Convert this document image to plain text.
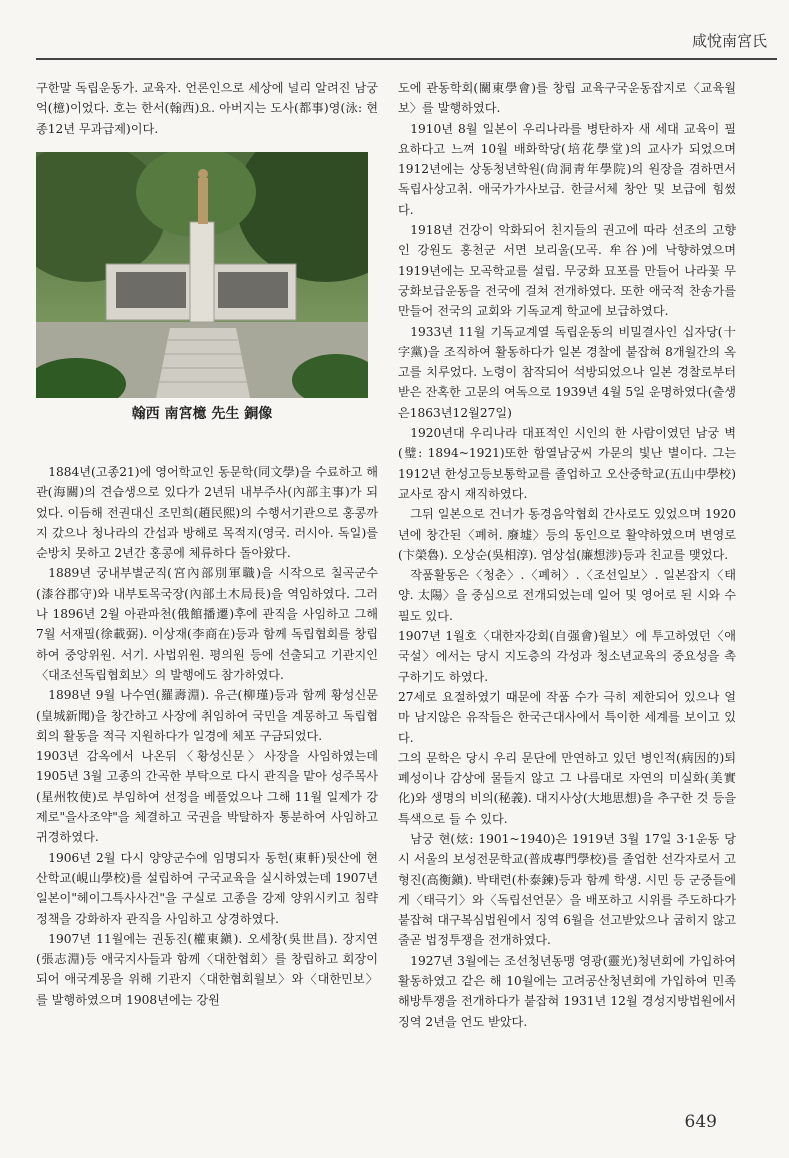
咸悅南宮氏

구한말 독립운동가. 교육자. 언론인으로 세상에 널리 알려진 남궁 억(檍)이었다. 호는 한서(翰西)요. 아버지는 도사(都事)영(泳: 현종12년 무과급제)이다.

翰西 南宮檍 先生 銅像

1884년(고종21)에 영어학교인 동문학(同文學)을 수료하고 해관(海關)의 견습생으로 있다가 2년뒤 내부주사(內部主事)가 되었다. 이듬해 전권대신 조민희(趙民熙)의 수행서기관으로 홍콩까지 갔으나 청나라의 간섭과 방해로 목적지(영국. 러시아. 독일)를 순방치 못하고 2년간 홍콩에 체류하다 돌아왔다.

1889년 궁내부별군직(宮內部別軍職)을 시작으로 칠곡군수(漆谷郡守)와 내부토목국장(內部土木局長)을 역임하였다. 그러나 1896년 2월 아관파천(俄館播遷)후에 관직을 사임하고 그해 7월 서재필(徐載弼). 이상재(李商在)등과 함께 독립협회를 창립하여 중앙위원. 서기. 사법위원. 평의원 등에 선출되고 기관지인〈대조선독립협회보〉의 발행에도 참가하였다.

1898년 9월 나수연(羅壽淵). 유근(柳瑾)등과 함께 황성신문(皇城新聞)을 창간하고 사장에 취임하여 국민을 계몽하고 독립협회의 활동을 적극 지원하다가 일경에 체포 구금되었다.

1903년 감옥에서 나온뒤〈황성신문〉사장을 사임하였는데 1905년 3월 고종의 간곡한 부탁으로 다시 관직을 맡아 성주목사(星州牧使)로 부임하여 선정을 베풀었으나 그해 11월 일제가 강제로"을사조약"을 체결하고 국권을 박탈하자 통분하여 사임하고 귀경하였다.

1906년 2월 다시 양양군수에 임명되자 동헌(東軒)뒷산에 현산학교(峴山學校)를 설립하여 구국교육을 실시하였는데 1907년 일본이"헤이그특사사건"을 구실로 고종을 강제 양위시키고 침략정책을 강화하자 관직을 사임하고 상경하였다.

1907년 11월에는 권동진(權東鎭). 오세창(吳世昌). 장지연(張志淵)등 애국지사들과 함께〈대한협회〉를 창립하고 회장이 되어 애국계몽을 위해 기관지〈대한협회월보〉와〈대한민보〉를 발행하였으며 1908년에는 강원

도에 관동학회(關東學會)를 창립 교육구국운동잡지로〈교육월보〉를 발행하였다.

1910년 8월 일본이 우리나라를 병탄하자 새 세대 교육이 필요하다고 느껴 10월 배화학당(培花學堂)의 교사가 되었으며 1912년에는 상동청년학원(尙洞靑年學院)의 원장을 겸하면서 독립사상고취. 애국가가사보급. 한글서체 창안 및 보급에 힘썼다.

1918년 건강이 악화되어 친지들의 권고에 따라 선조의 고향인 강원도 홍천군 서면 보리울(모곡. 牟谷)에 낙향하였으며 1919년에는 모곡학교를 설립. 무궁화 묘포를 만들어 나라꽃 무궁화보급운동을 전국에 걸쳐 전개하였다. 또한 애국적 찬송가를 만들어 전국의 교회와 기독교계 학교에 보급하였다.

1933년 11월 기독교계열 독립운동의 비밀결사인 십자당(十字黨)을 조직하여 활동하다가 일본 경찰에 붙잡혀 8개월간의 옥고를 치루었다. 노령이 참작되어 석방되었으나 일본 경찰로부터 받은 잔혹한 고문의 여독으로 1939년 4월 5일 운명하였다(출생은1863년12월27일)

1920년대 우리나라 대표적인 시인의 한 사람이였던 남궁 벽(璧: 1894~1921)또한 함열남궁씨 가문의 빛난 별이다. 그는 1912년 한성고등보통학교를 졸업하고 오산중학교(五山中學校)교사로 잠시 재직하였다.

그뒤 일본으로 건너가 동경음악협회 간사로도 있었으며 1920년에 창간된〈폐허. 廢墟〉등의 동인으로 활약하였으며 변영로(卞榮魯). 오상순(吳相淳). 염상섭(廉想涉)등과 친교를 맺었다.

작품활동은〈청춘〉.〈폐허〉.〈조선일보〉. 일본잡지〈태양. 太陽〉을 중심으로 전개되었는데 일어 및 영어로 된 시와 수필도 있다.

1907년 1월호〈대한자강회(自强會)월보〉에 투고하였던〈애국설〉에서는 당시 지도층의 각성과 청소년교육의 중요성을 촉구하기도 하였다.

27세로 요절하였기 때문에 작품 수가 극히 제한되어 있으나 얼마 남지않은 유작들은 한국근대사에서 특이한 세계를 보이고 있다.

그의 문학은 당시 우리 문단에 만연하고 있던 병인적(病因的)퇴폐성이나 감상에 물들지 않고 그 나름대로 자연의 미실화(美實化)와 생명의 비의(秘義). 대지사상(大地思想)을 추구한 것 등을 특색으로 들 수 있다.

남궁 현(炫: 1901~1940)은 1919년 3월 17일 3·1운동 당시 서울의 보성전문학교(普成專門學校)를 졸업한 선각자로서 고형진(高衡鎭). 박태련(朴泰鍊)등과 함께 학생. 시민 등 군중들에게〈태극기〉와〈독립선언문〉을 배포하고 시위를 주도하다가 붙잡혀 대구복심법원에서 징역 6월을 선고받았으나 굽히지 않고 줄곧 법정투쟁을 전개하였다.

1927년 3월에는 조선청년동맹 영광(靈光)청년회에 가입하여 활동하였고 같은 해 10월에는 고려공산청년회에 가입하여 민족해방투쟁을 전개하다가 붙잡혀 1931년 12월 경성지방법원에서 징역 2년을 언도 받았다.

649
